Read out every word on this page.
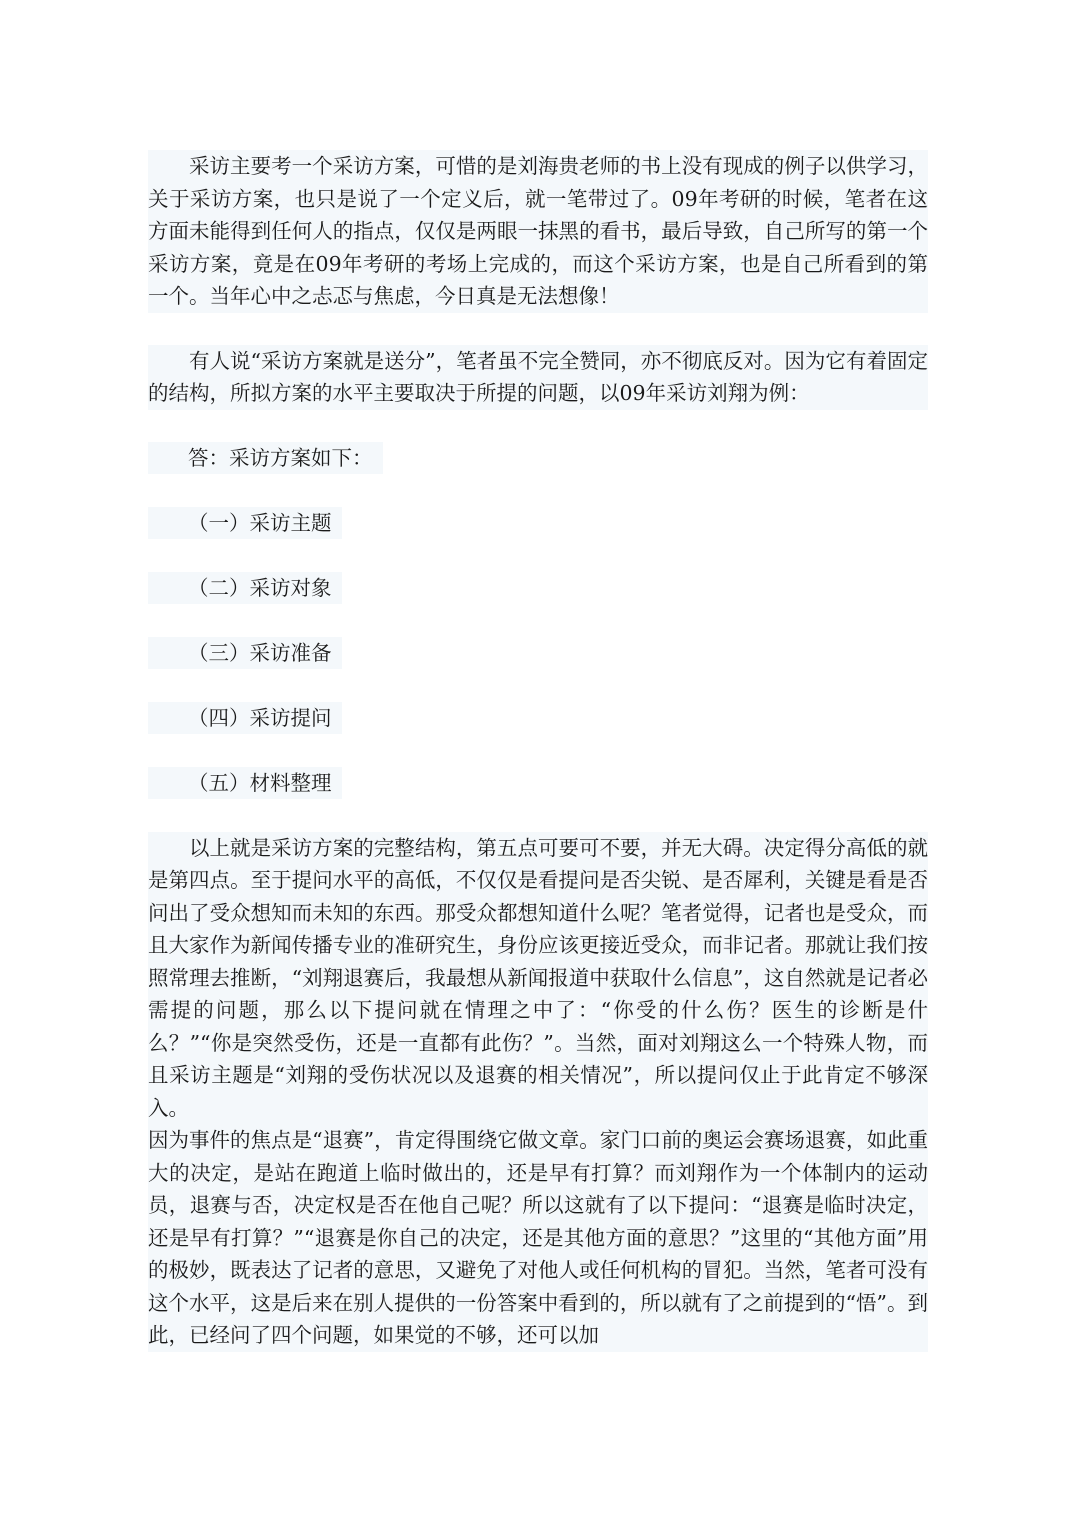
采访主要考一个采访方案，可惜的是刘海贵老师的书上没有现成的例子以供学习，关于采访方案，也只是说了一个定义后，就一笔带过了。09年考研的时候，笔者在这方面未能得到任何人的指点，仅仅是两眼一抹黑的看书，最后导致，自己所写的第一个采访方案，竟是在09年考研的考场上完成的，而这个采访方案，也是自己所看到的第一个。当年心中之忐忑与焦虑，今日真是无法想像！

有人说“采访方案就是送分”，笔者虽不完全赞同，亦不彻底反对。因为它有着固定的结构，所拟方案的水平主要取决于所提的问题，以09年采访刘翔为例：

答：采访方案如下：
（一）采访主题
（二）采访对象
（三）采访准备
（四）采访提问
（五）材料整理

以上就是采访方案的完整结构，第五点可要可不要，并无大碍。决定得分高低的就是第四点。至于提问水平的高低，不仅仅是看提问是否尖锐、是否犀利，关键是看是否问出了受众想知而未知的东西。那受众都想知道什么呢？笔者觉得，记者也是受众，而且大家作为新闻传播专业的准研究生，身份应该更接近受众，而非记者。那就让我们按照常理去推断，“刘翔退赛后，我最想从新闻报道中获取什么信息”，这自然就是记者必需提的问题，那么以下提问就在情理之中了：“你受的什么伤？医生的诊断是什么？”“你是突然受伤，还是一直都有此伤？”。当然，面对刘翔这么一个特殊人物，而且采访主题是“刘翔的受伤状况以及退赛的相关情况”，所以提问仅止于此肯定不够深入。

因为事件的焦点是“退赛”，肯定得围绕它做文章。家门口前的奥运会赛场退赛，如此重大的决定，是站在跑道上临时做出的，还是早有打算？而刘翔作为一个体制内的运动员，退赛与否，决定权是否在他自己呢？所以这就有了以下提问：“退赛是临时决定，还是早有打算？”“退赛是你自己的决定，还是其他方面的意思？”这里的“其他方面”用的极妙，既表达了记者的意思，又避免了对他人或任何机构的冒犯。当然，笔者可没有这个水平，这是后来在别人提供的一份答案中看到的，所以就有了之前提到的“悟”。到此，已经问了四个问题，如果觉的不够，还可以加
